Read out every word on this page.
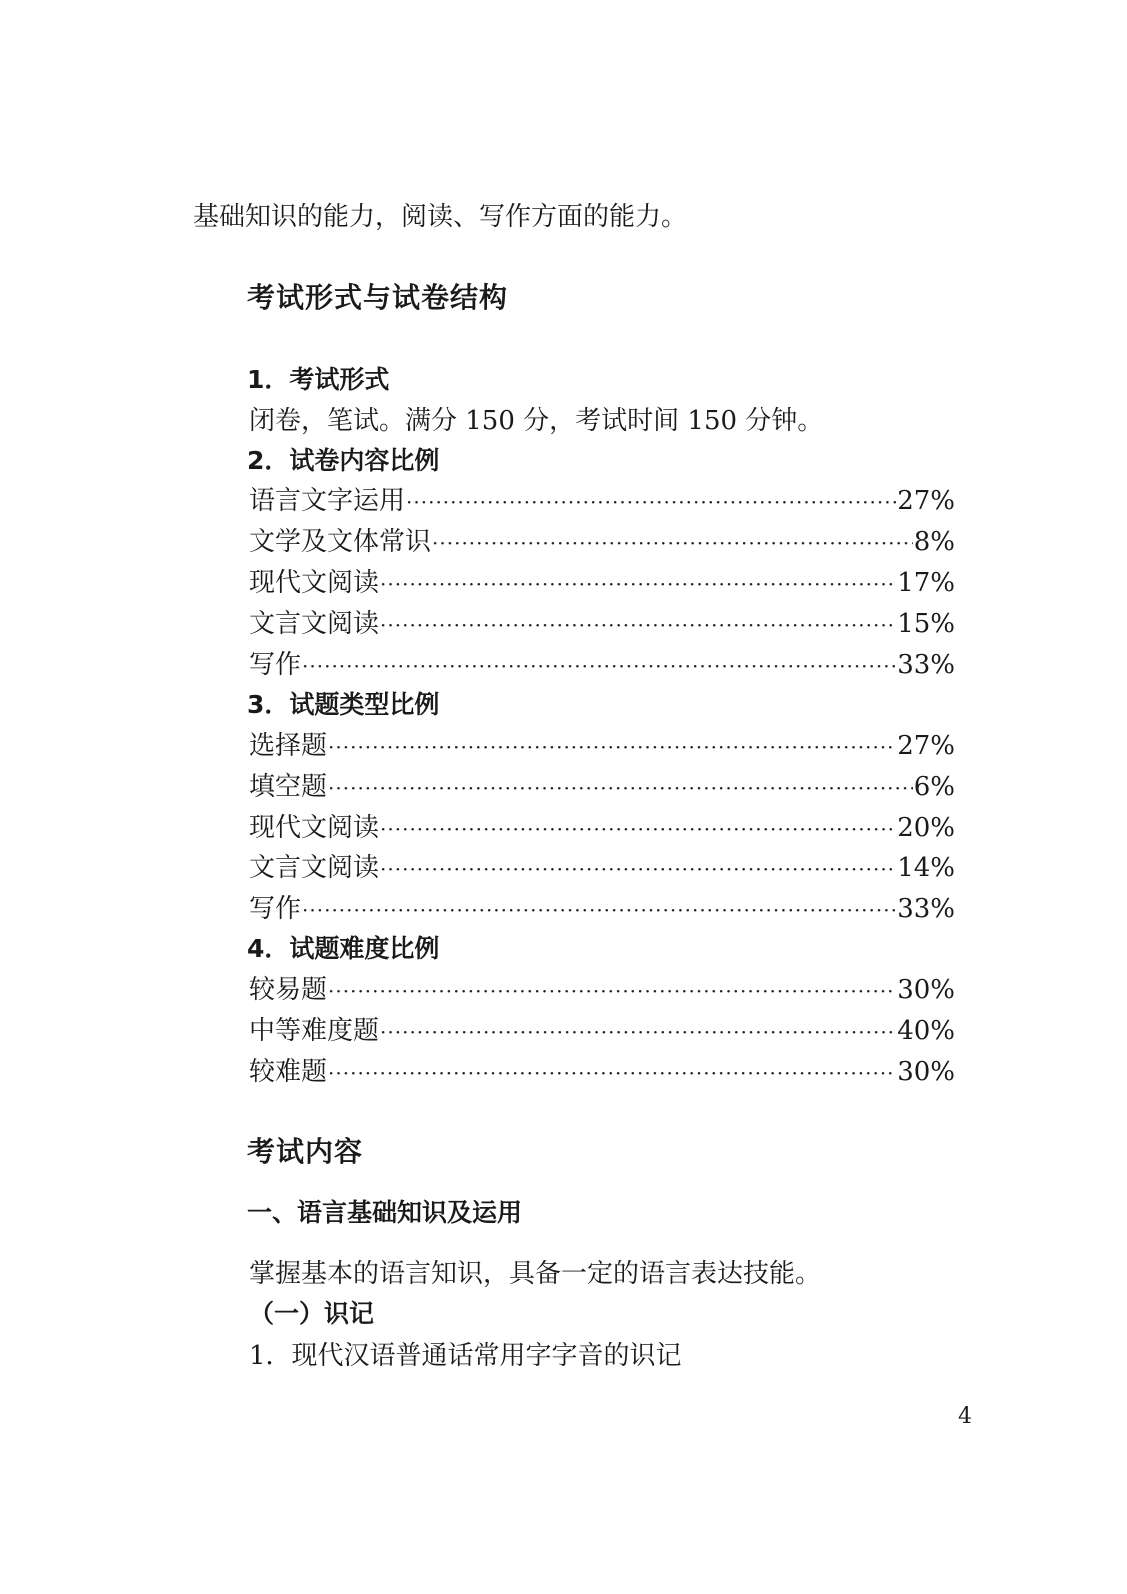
基础知识的能力，阅读、写作方面的能力。
考试形式与试卷结构
1．考试形式
闭卷，笔试。满分 150 分，考试时间 150 分钟。
2．试卷内容比例
语言文字运用 ·····	27%
文学及文体常识 ·····	8%
现代文阅读 ·····	17%
文言文阅读 ·····	15%
写作 ·····	33%
3．试题类型比例
选择题 ·····	27%
填空题 ·····	6%
现代文阅读 ·····	20%
文言文阅读 ·····	14%
写作 ·····	33%
4．试题难度比例
较易题 ·····	30%
中等难度题 ·····	40%
较难题 ·····	30%
考试内容
一、语言基础知识及运用
掌握基本的语言知识，具备一定的语言表达技能。
（一）识记
1．现代汉语普通话常用字字音的识记
4
